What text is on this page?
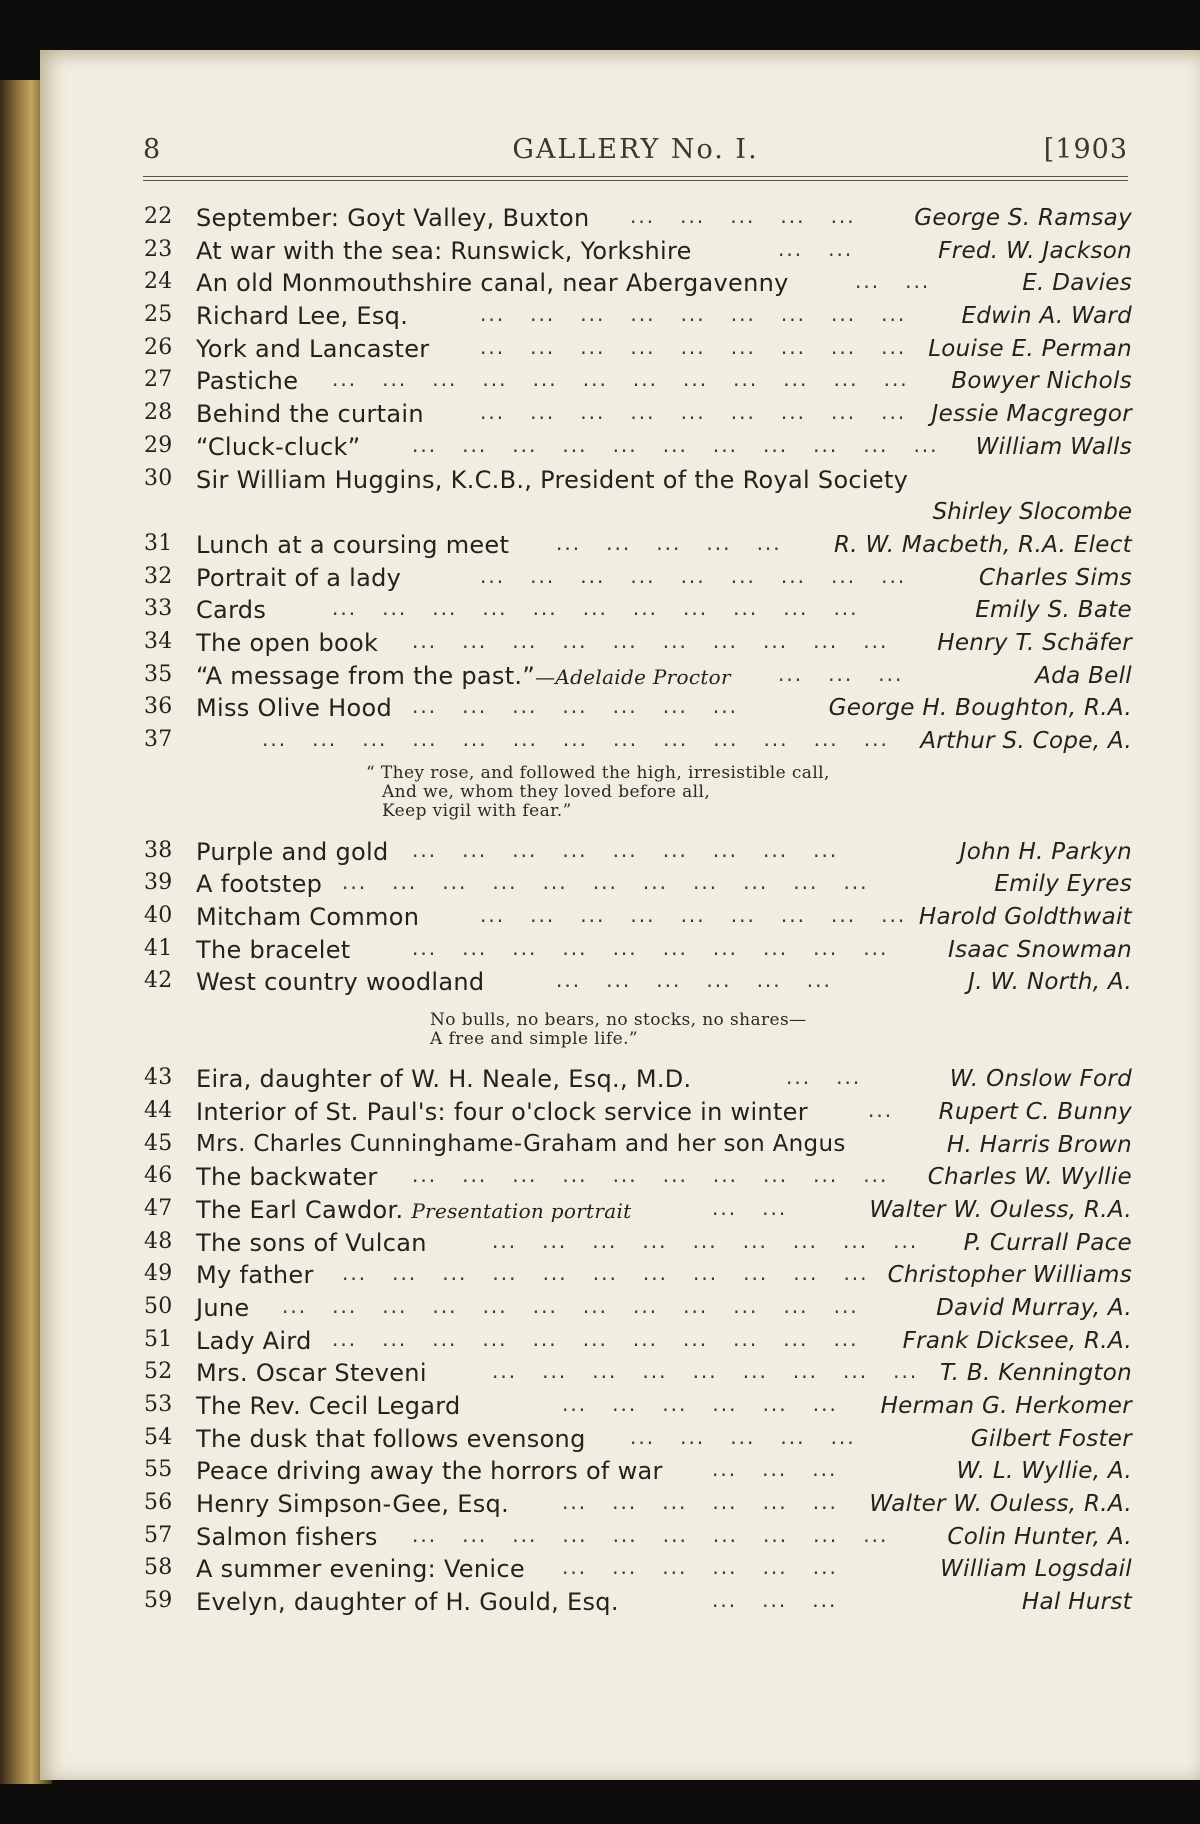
8	GALLERY No. I.	[1903
22 September: Goyt Valley, Buxton ...   ...   ...   ...   ...	George S. Ramsay
23 At war with the sea: Runswick, Yorkshire	...   ...	Fred. W. Jackson
24 An old Monmouthshire canal, near Abergavenny	...   ...	E. Davies
25 Richard Lee, Esq.	...   ...   ...   ...   ...   ...   ...   ...   ... Edwin A. Ward
26 York and Lancaster	...   ...   ...   ...   ...   ...   ...   ...   ... Louise E. Perman
27 Pastiche ...   ...   ...   ...   ...   ...   ...   ...   ...   ...   ...   ... Bowyer Nichols
28 Behind the curtain	...   ...   ...   ...   ...   ...   ...   ...   ... Jessie Macgregor
29 “Cluck-cluck”	...   ...   ...   ...   ...   ...   ...   ...   ...   ...   ... William Walls
30 Sir William Huggins, K.C.B., President of the Royal Society
Shirley Slocombe
31 Lunch at a coursing meet ...   ...   ...   ...   ... R. W. Macbeth, R.A. Elect
32 Portrait of a lady	...   ...   ...   ...   ...   ...   ...   ...   ...	Charles Sims
33 Cards	...   ...   ...   ...   ...   ...   ...   ...   ...   ...   ...	Emily S. Bate
34 The open book ...   ...   ...   ...   ...   ...   ...   ...   ...   ... Henry T. Schäfer
35 “A message from the past.”—Adelaide Proctor ...   ...   ...	Ada Bell
36 Miss Olive Hood ...   ...   ...   ...   ...   ...   ...	George H. Boughton, R.A.
37	...   ...   ...   ...   ...   ...   ...   ...   ...   ...   ...   ...   ... Arthur S. Cope, A.
“ They rose, and followed the high, irresistible call,
And we, whom they loved before all,
Keep vigil with fear.”
38 Purple and gold ...   ...   ...   ...   ...   ...   ...   ...   ...	John H. Parkyn
39 A footstep ...   ...   ...   ...   ...   ...   ...   ...   ...   ...   ...	Emily Eyres
40 Mitcham Common	...   ...   ...   ...   ...   ...   ...   ...   ... Harold Goldthwait
41 The bracelet	...   ...   ...   ...   ...   ...   ...   ...   ...   ...	Isaac Snowman
42 West country woodland	...   ...   ...   ...   ...   ...	J. W. North, A.
No bulls, no bears, no stocks, no shares—
A free and simple life.”
43 Eira, daughter of W. H. Neale, Esq., M.D.	...   ...	W. Onslow Ford
44 Interior of St. Paul's: four o'clock service in winter	... Rupert C. Bunny
45 Mrs. Charles Cunninghame-Graham and her son Angus	H. Harris Brown
46 The backwater ...   ...   ...   ...   ...   ...   ...   ...   ...   ... Charles W. Wyllie
47 The Earl Cawdor. Presentation portrait	...   ...	Walter W. Ouless, R.A.
48 The sons of Vulcan	...   ...   ...   ...   ...   ...   ...   ...   ... P. Currall Pace
49 My father ...   ...   ...   ...   ...   ...   ...   ...   ...   ...   ... Christopher Williams
50 June ...   ...   ...   ...   ...   ...   ...   ...   ...   ...   ...   ...	David Murray, A.
51 Lady Aird ...   ...   ...   ...   ...   ...   ...   ...   ...   ...   ... Frank Dicksee, R.A.
52 Mrs. Oscar Steveni	...   ...   ...   ...   ...   ...   ...   ...   ... T. B. Kennington
53 The Rev. Cecil Legard	...   ...   ...   ...   ...   ... Herman G. Herkomer
54 The dusk that follows evensong ...   ...   ...   ...   ...	Gilbert Foster
55 Peace driving away the horrors of war ...   ...   ...	W. L. Wyllie, A.
56 Henry Simpson-Gee, Esq.	...   ...   ...   ...   ...   ... Walter W. Ouless, R.A.
57 Salmon fishers ...   ...   ...   ...   ...   ...   ...   ...   ...   ...	Colin Hunter, A.
58 A summer evening: Venice ...   ...   ...   ...   ...   ...	William Logsdail
59 Evelyn, daughter of H. Gould, Esq.	...   ...   ...	Hal Hurst
